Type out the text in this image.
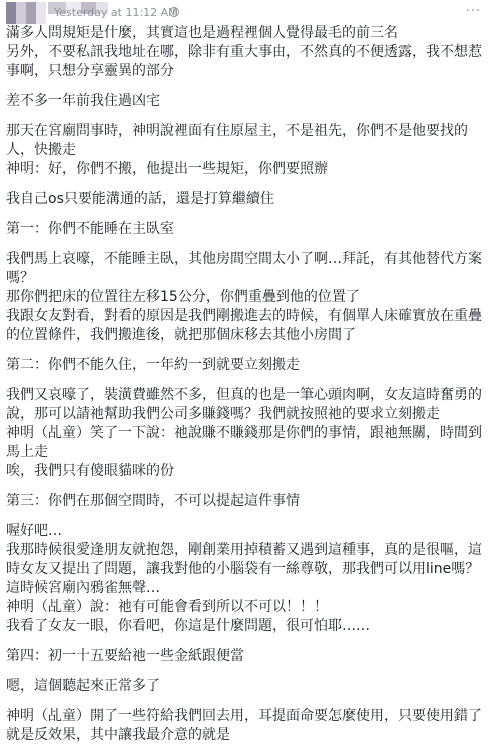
Yesterday at 11:12 AM	···

滿多人問規矩是什麼，其實這也是過程裡個人覺得最毛的前三名

另外，不要私訊我地址在哪，除非有重大事由，不然真的不便透露，我不想惹事啊，只想分享靈異的部分

差不多一年前我住過凶宅

那天在宮廟問事時，神明說裡面有住原屋主，不是祖先，你們不是他要找的人，快搬走

神明：好，你們不搬，他提出一些規矩，你們要照辦

我自己os只要能溝通的話，還是打算繼續住

第一：你們不能睡在主臥室

我們馬上哀嚎，不能睡主臥，其他房間空間太小了啊…拜託，有其他替代方案嗎？

那你們把床的位置往左移15公分，你們重疊到他的位置了

我跟女友對看，對看的原因是我們剛搬進去的時候，有個單人床確實放在重疊的位置條件，我們搬進後，就把那個床移去其他小房間了

第二：你們不能久住，一年約一到就要立刻搬走

我們又哀嚎了，裝潢費雖然不多，但真的也是一筆心頭肉啊，女友這時奮勇的說，那可以請祂幫助我們公司多賺錢嗎？我們就按照祂的要求立刻搬走

神明（乩童）笑了一下說：祂說賺不賺錢那是你們的事情，跟祂無關，時間到馬上走

唉，我們只有傻眼貓咪的份

第三：你們在那個空間時，不可以提起這件事情

喔好吧…

我那時候很愛逢朋友就抱怨，剛創業用掉積蓄又遇到這種事，真的是很嘔，這時女友又提出了問題，讓我對他的小腦袋有一絲尊敬，那我們可以用line嗎？

這時候宮廟內鴉雀無聲…

神明（乩童）說：祂有可能會看到所以不可以！！！

我看了女友一眼，你看吧，你這是什麼問題，很可怕耶……

第四：初一十五要給祂一些金紙跟便當

嗯，這個聽起來正常多了

神明（乩童）開了一些符給我們回去用，耳提面命要怎麼使用，只要使用錯了就是反效果，其中讓我最介意的就是
